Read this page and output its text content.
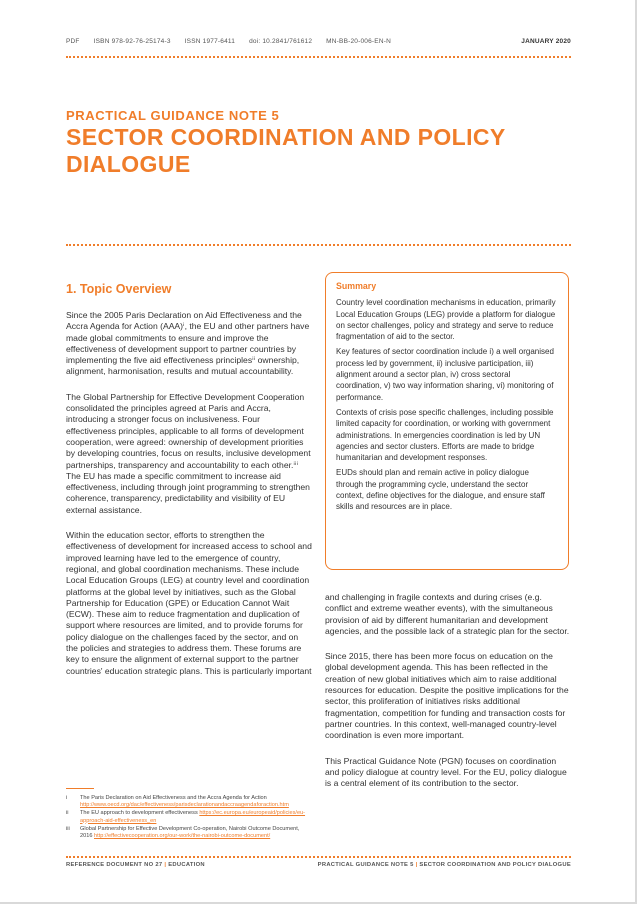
PDF ISBN 978-92-76-25174-3 ISSN 1977-6411 doi: 10.2841/761612 MN-BB-20-006-EN-N	JANUARY 2020
PRACTICAL GUIDANCE NOTE 5
SECTOR COORDINATION AND POLICY DIALOGUE
1. Topic Overview

Since the 2005 Paris Declaration on Aid Effectiveness and the Accra Agenda for Action (AAA)ⁱ, the EU and other partners have made global commitments to ensure and improve the effectiveness of development support to partner countries by implementing the five aid effectiveness principlesⁱⁱ ownership, alignment, harmonisation, results and mutual accountability.

The Global Partnership for Effective Development Cooperation consolidated the principles agreed at Paris and Accra, introducing a stronger focus on inclusiveness. Four effectiveness principles, applicable to all forms of development cooperation, were agreed: ownership of development priorities by developing countries, focus on results, inclusive development partnerships, transparency and accountability to each other.ⁱⁱⁱ The EU has made a specific commitment to increase aid effectiveness, including through joint programming to strengthen coherence, transparency, predictability and visibility of EU external assistance.

Within the education sector, efforts to strengthen the effectiveness of development for increased access to school and improved learning have led to the emergence of country, regional, and global coordination mechanisms. These include Local Education Groups (LEG) at country level and coordination platforms at the global level by initiatives, such as the Global Partnership for Education (GPE) or Education Cannot Wait (ECW). These aim to reduce fragmentation and duplication of support where resources are limited, and to provide forums for policy dialogue on the challenges faced by the sector, and on the policies and strategies to address them. These forums are key to ensure the alignment of external support to the partner countries' education strategic plans. This is particularly important

Summary

Country level coordination mechanisms in education, primarily Local Education Groups (LEG) provide a platform for dialogue on sector challenges, policy and strategy and serve to reduce fragmentation of aid to the sector.

Key features of sector coordination include i) a well organised process led by government, ii) inclusive participation, iii) alignment around a sector plan, iv) cross sectoral coordination, v) two way information sharing, vi) monitoring of performance.

Contexts of crisis pose specific challenges, including possible limited capacity for coordination, or working with government administrations. In emergencies coordination is led by UN agencies and sector clusters. Efforts are made to bridge humanitarian and development responses.

EUDs should plan and remain active in policy dialogue through the programming cycle, understand the sector context, define objectives for the dialogue, and ensure staff skills and resources are in place.

and challenging in fragile contexts and during crises (e.g. conflict and extreme weather events), with the simultaneous provision of aid by different humanitarian and development agencies, and the possible lack of a strategic plan for the sector.

Since 2015, there has been more focus on education on the global development agenda. This has been reflected in the creation of new global initiatives which aim to raise additional resources for education. Despite the positive implications for the sector, this proliferation of initiatives risks additional fragmentation, competition for funding and transaction costs for partner countries. In this context, well-managed country-level coordination is even more important.

This Practical Guidance Note (PGN) focuses on coordination and policy dialogue at country level. For the EU, policy dialogue is a central element of its contribution to the sector.

i	The Paris Declaration on Aid Effectiveness and the Accra Agenda for Action http://www.oecd.org/dac/effectiveness/parisdeclarationandaccraagendaforaction.htm
ii	The EU approach to development effectiveness https://ec.europa.eu/europeaid/policies/eu-approach-aid-effectiveness_en
iii	Global Partnership for Effective Development Co-operation, Nairobi Outcome Document, 2016 http://effectivecooperation.org/our-work/the-nairobi-outcome-document/
REFERENCE DOCUMENT NO 27 | EDUCATION	PRACTICAL GUIDANCE NOTE 5 | SECTOR COORDINATION AND POLICY DIALOGUE
